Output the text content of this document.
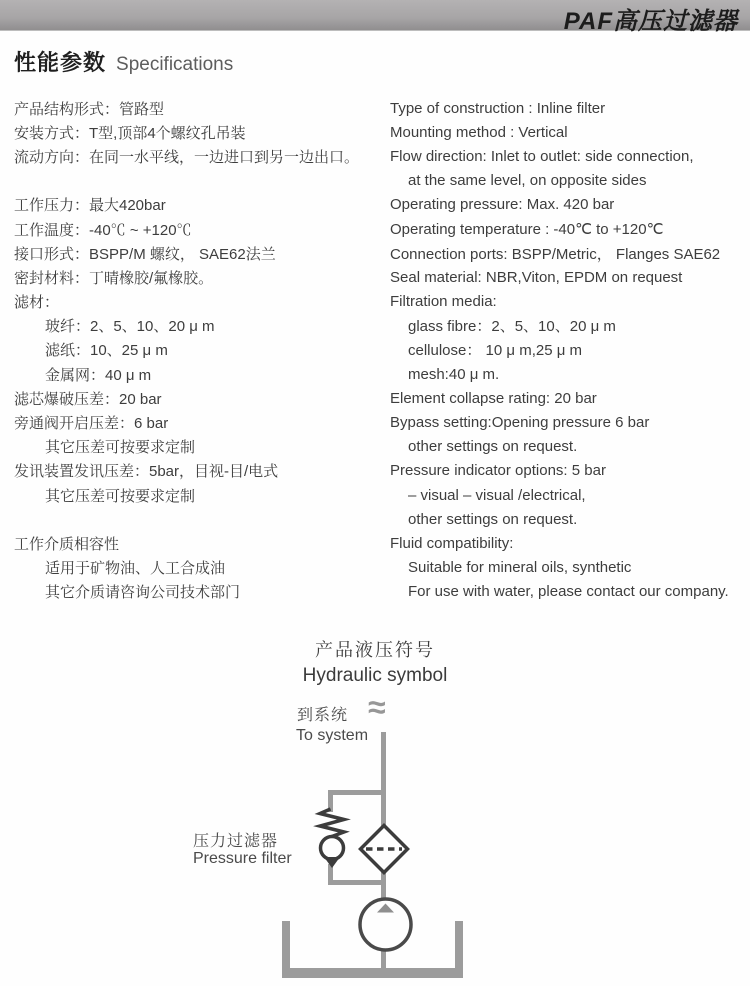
PAF高压过滤器
性能参数 Specifications
产品结构形式：管路型	Type of construction : Inline filter
安装方式：T型,顶部4个螺纹孔吊装	Mounting method : Vertical
流动方向：在同一水平线，一边进口到另一边出口。	Flow direction: Inlet to outlet: side connection,
at the same level, on opposite sides
工作压力：最大420bar	Operating pressure: Max. 420 bar
工作温度：-40℃ ~ +120℃	Operating temperature : -40℃ to +120℃
接口形式：BSPP/M 螺纹， SAE62法兰	Connection ports: BSPP/Metric， Flanges SAE62
密封材料：丁晴橡胶/氟橡胶。	Seal material: NBR,Viton, EPDM on request
滤材：	Filtration media:
玻纤：2、5、10、20 μ m	glass fibre：2、5、10、20 μ m
滤纸：10、25 μ m	cellulose： 10 μ m,25 μ m
金属网：40 μ m	mesh:40 μ m.
滤芯爆破压差：20 bar	Element collapse rating: 20 bar
旁通阀开启压差：6 bar	Bypass setting:Opening pressure 6 bar
其它压差可按要求定制	other settings on request.
发讯装置发讯压差：5bar，目视-目/电式	Pressure indicator options: 5 bar
其它压差可按要求定制	– visual – visual /electrical,
other settings on request.
工作介质相容性	Fluid compatibility:
适用于矿物油、人工合成油	Suitable for mineral oils, synthetic
其它介质请咨询公司技术部门	For use with water, please contact our company.
产品液压符号
Hydraulic symbol
到系统
To system
≈
压力过滤器
Pressure filter
